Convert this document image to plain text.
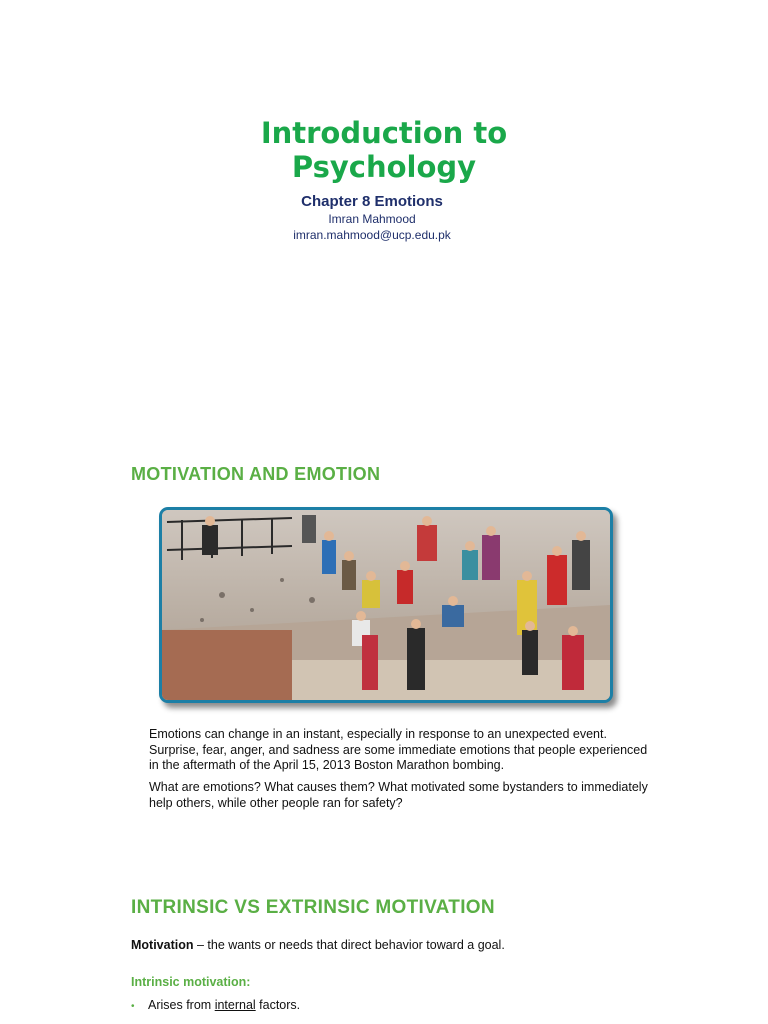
Introduction to
Psychology
Chapter 8 Emotions
Imran Mahmood
imran.mahmood@ucp.edu.pk
MOTIVATION AND EMOTION
Emotions can change in an instant, especially in response to an unexpected event. Surprise, fear, anger, and sadness are some immediate emotions that people experienced in the aftermath of the April 15, 2013 Boston Marathon bombing.
What are emotions? What causes them? What motivated some bystanders to immediately help others, while other people ran for safety?
INTRINSIC VS EXTRINSIC MOTIVATION
Motivation – the wants or needs that direct behavior toward a goal.
Intrinsic motivation:
• Arises from internal factors.
